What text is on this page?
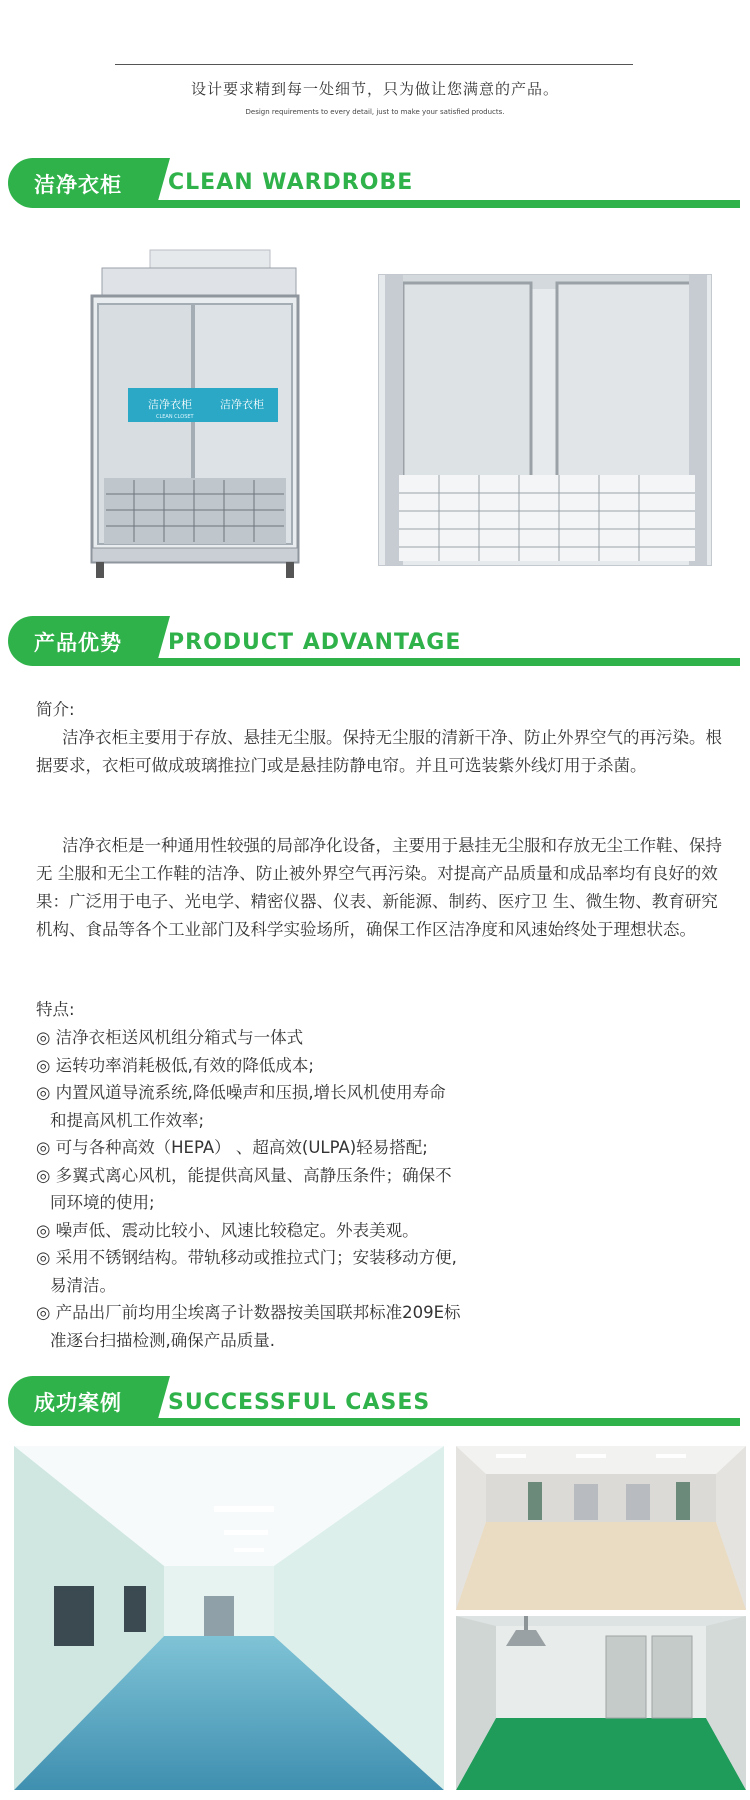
设计要求精到每一处细节，只为做让您满意的产品。
Design requirements to every detail, just to make your satisfied products.
洁净衣柜 CLEAN WARDROBE
洁净衣柜	洁净衣柜
CLEAN CLOSET
产品优势 PRODUCT ADVANTAGE
简介:
洁净衣柜主要用于存放、悬挂无尘服。保持无尘服的清新干净、防止外界空气的再污染。根据要求，衣柜可做成玻璃推拉门或是悬挂防静电帘。并且可选装紫外线灯用于杀菌。
洁净衣柜是一种通用性较强的局部净化设备，主要用于悬挂无尘服和存放无尘工作鞋、保持无 尘服和无尘工作鞋的洁净、防止被外界空气再污染。对提高产品质量和成品率均有良好的效果：广泛用于电子、光电学、精密仪器、仪表、新能源、制药、医疗卫 生、微生物、教育研究机构、食品等各个工业部门及科学实验场所，确保工作区洁净度和风速始终处于理想状态。
特点:
◎ 洁净衣柜送风机组分箱式与一体式
◎ 运转功率消耗极低,有效的降低成本;
◎ 内置风道导流系统,降低噪声和压损,增长风机使用寿命
和提高风机工作效率;
◎ 可与各种高效（HEPA） 、超高效(ULPA)轻易搭配;
◎ 多翼式离心风机，能提供高风量、高静压条件；确保不
同环境的使用;
◎ 噪声低、震动比较小、风速比较稳定。外表美观。
◎ 采用不锈钢结构。带轨移动或推拉式门；安装移动方便,
易清洁。
◎ 产品出厂前均用尘埃离子计数器按美国联邦标准209E标
准逐台扫描检测,确保产品质量.
成功案例 SUCCESSFUL CASES
